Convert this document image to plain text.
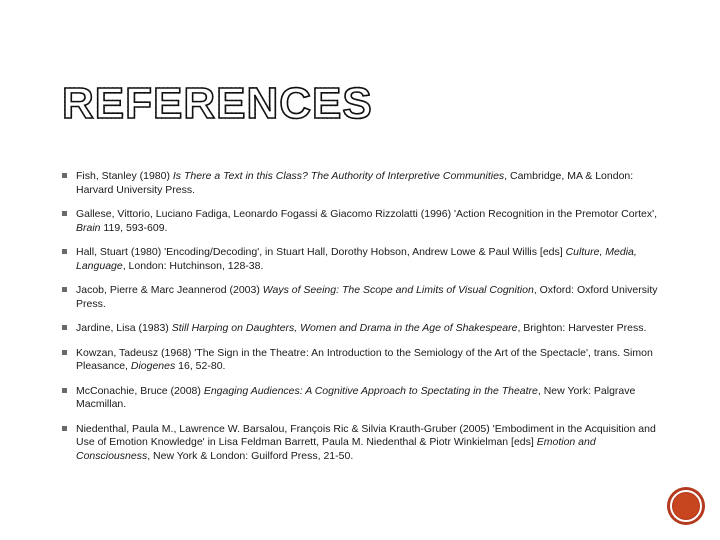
REFERENCES
Fish, Stanley (1980) Is There a Text in this Class? The Authority of Interpretive Communities, Cambridge, MA & London: Harvard University Press.
Gallese, Vittorio, Luciano Fadiga, Leonardo Fogassi & Giacomo Rizzolatti (1996) 'Action Recognition in the Premotor Cortex', Brain 119, 593-609.
Hall, Stuart (1980) 'Encoding/Decoding', in Stuart Hall, Dorothy Hobson, Andrew Lowe & Paul Willis [eds] Culture, Media, Language, London: Hutchinson, 128-38.
Jacob, Pierre & Marc Jeannerod (2003) Ways of Seeing: The Scope and Limits of Visual Cognition, Oxford: Oxford University Press.
Jardine, Lisa (1983) Still Harping on Daughters, Women and Drama in the Age of Shakespeare, Brighton: Harvester Press.
Kowzan, Tadeusz (1968) 'The Sign in the Theatre: An Introduction to the Semiology of the Art of the Spectacle', trans. Simon Pleasance, Diogenes 16, 52-80.
McConachie, Bruce (2008) Engaging Audiences: A Cognitive Approach to Spectating in the Theatre, New York: Palgrave Macmillan.
Niedenthal, Paula M., Lawrence W. Barsalou, François Ric & Silvia Krauth-Gruber (2005) 'Embodiment in the Acquisition and Use of Emotion Knowledge' in Lisa Feldman Barrett, Paula M. Niedenthal & Piotr Winkielman [eds] Emotion and Consciousness, New York & London: Guilford Press, 21-50.
